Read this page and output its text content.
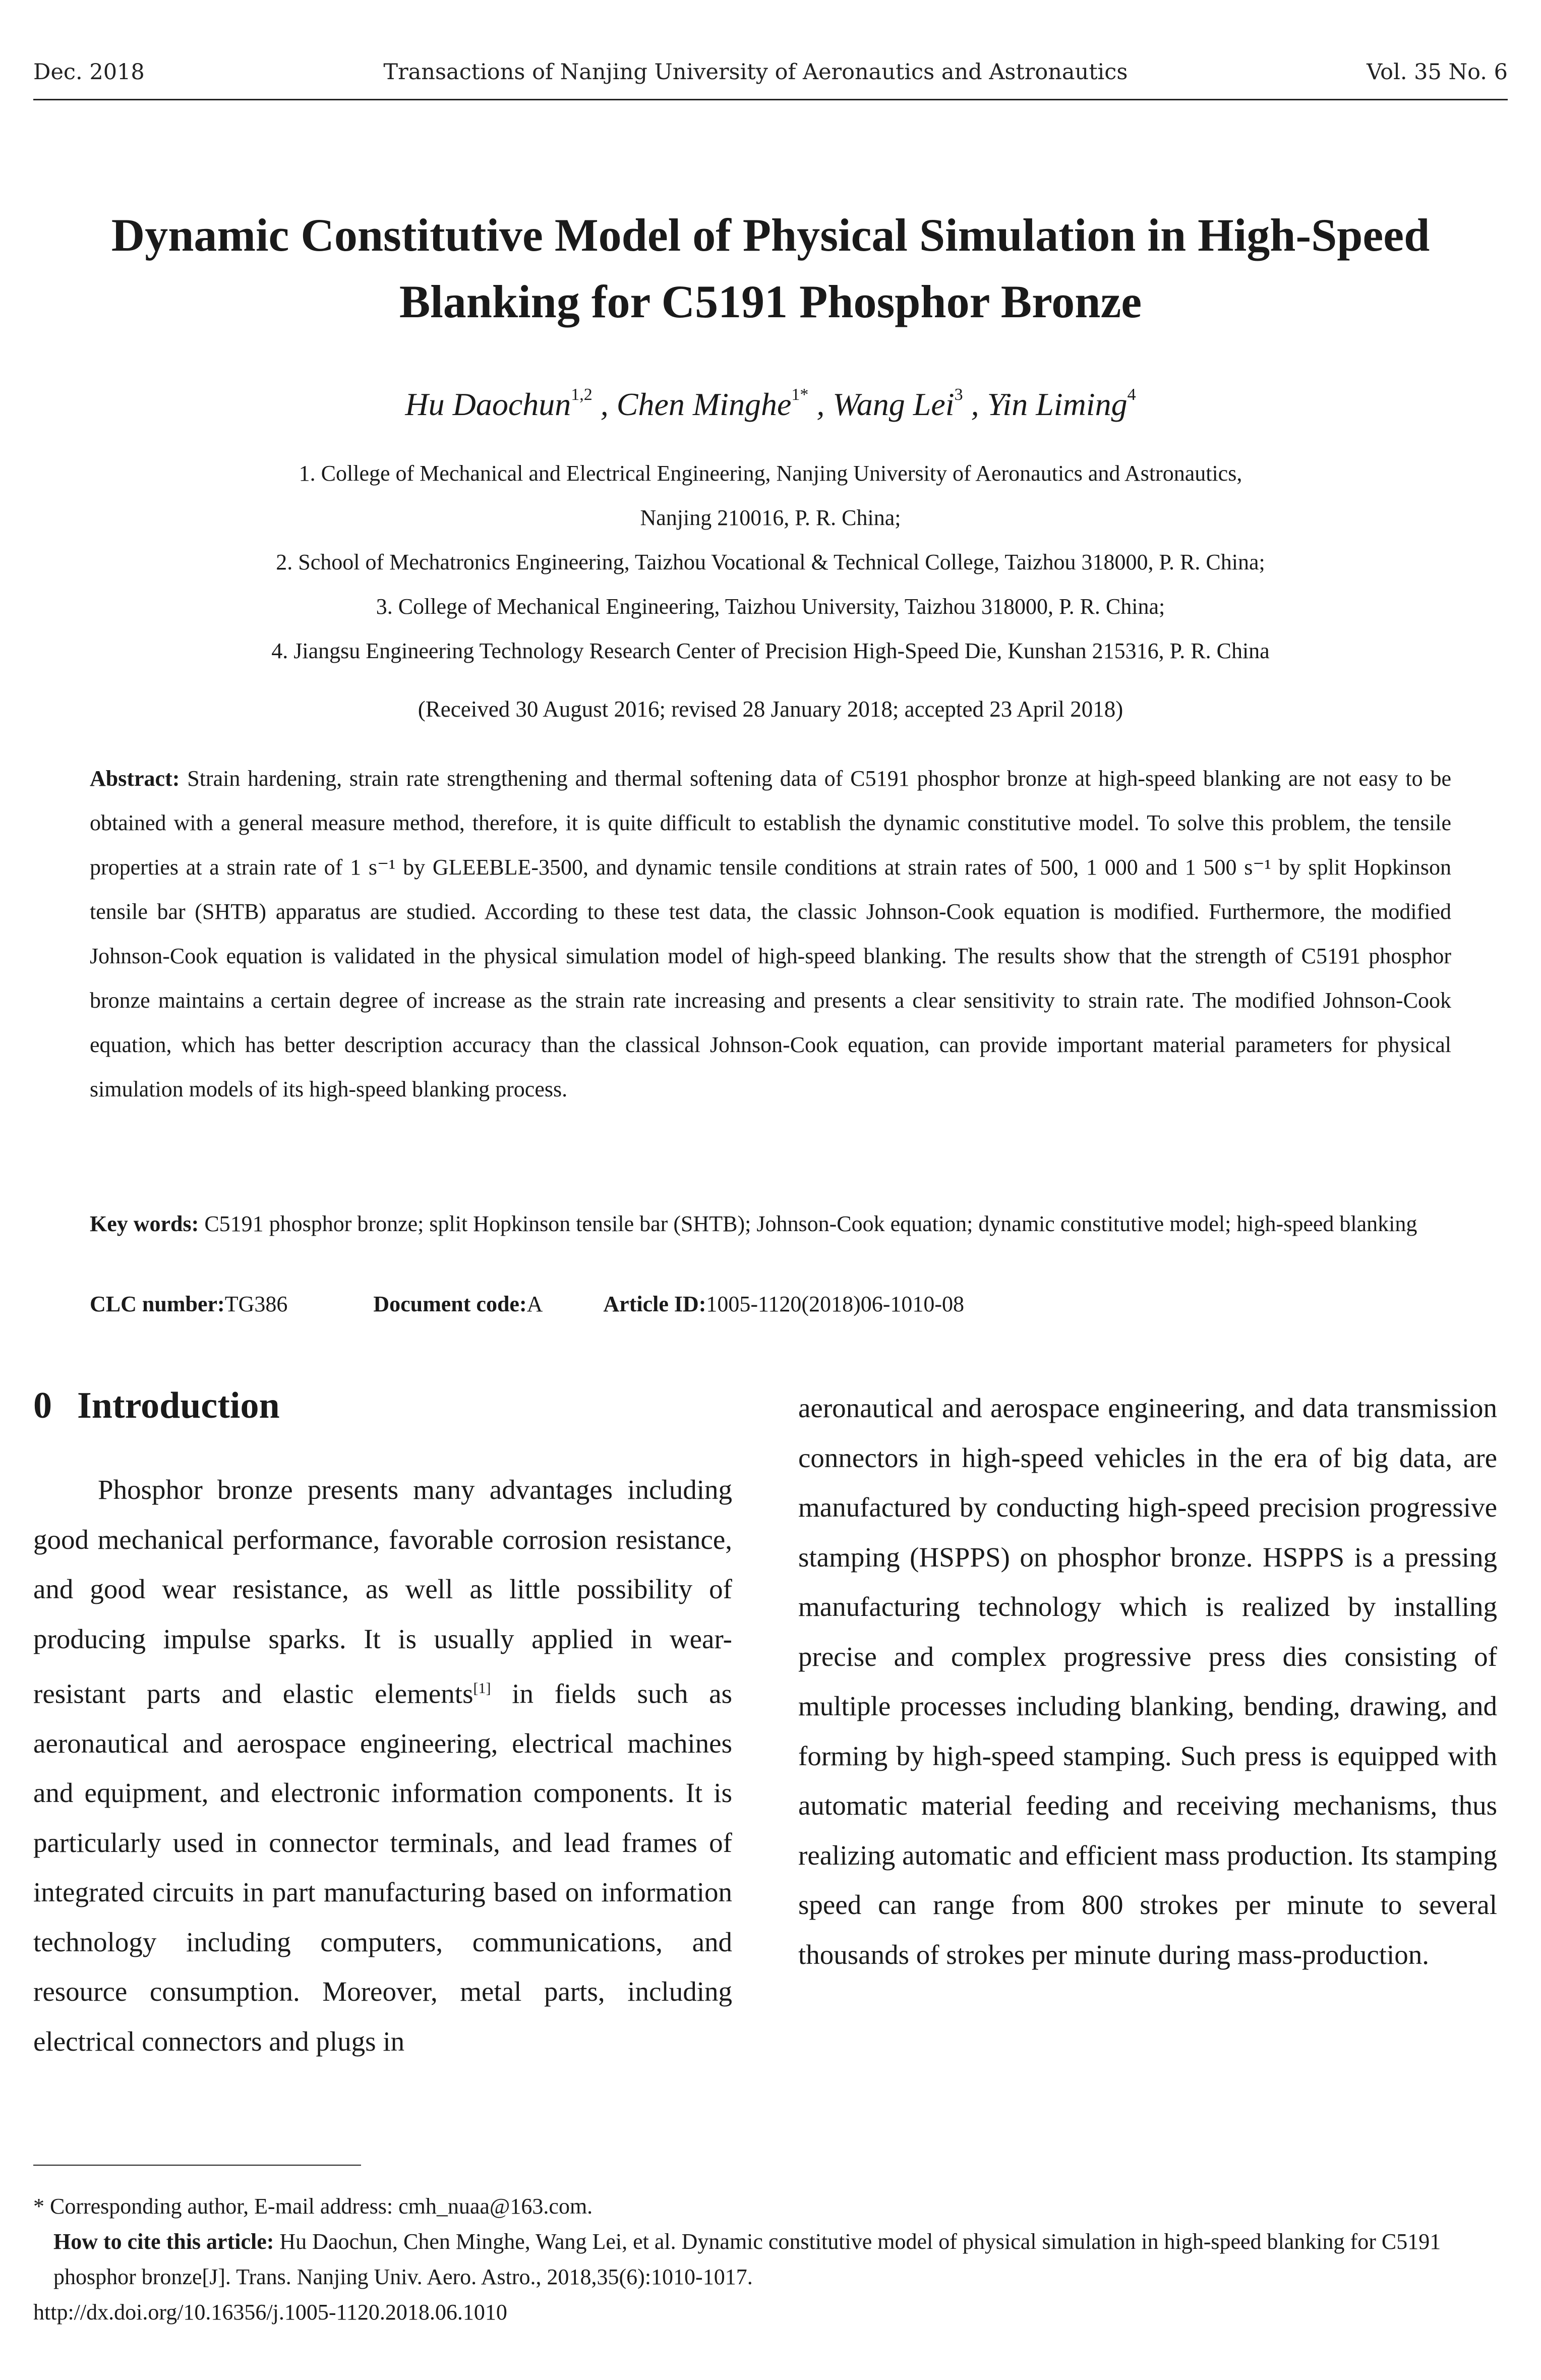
Dec. 2018	Transactions of Nanjing University of Aeronautics and Astronautics	Vol. 35 No. 6
Dynamic Constitutive Model of Physical Simulation in High-Speed
Blanking for C5191 Phosphor Bronze
Hu Daochun$^{1,2}$ , Chen Minghe$^{1*}$ , Wang Lei$^3$ , Yin Liming$^4$
1. College of Mechanical and Electrical Engineering, Nanjing University of Aeronautics and Astronautics,
Nanjing 210016, P. R. China;
2. School of Mechatronics Engineering, Taizhou Vocational & Technical College, Taizhou 318000, P. R. China;
3. College of Mechanical Engineering, Taizhou University, Taizhou 318000, P. R. China;
4. Jiangsu Engineering Technology Research Center of Precision High-Speed Die, Kunshan 215316, P. R. China
(Received 30 August 2016; revised 28 January 2018; accepted 23 April 2018)
Abstract: Strain hardening, strain rate strengthening and thermal softening data of C5191 phosphor bronze at high-speed blanking are not easy to be obtained with a general measure method, therefore, it is quite difficult to establish the dynamic constitutive model. To solve this problem, the tensile properties at a strain rate of 1 s⁻¹ by GLEEBLE-3500, and dynamic tensile conditions at strain rates of 500, 1 000 and 1 500 s⁻¹ by split Hopkinson tensile bar (SHTB) apparatus are studied. According to these test data, the classic Johnson-Cook equation is modified. Furthermore, the modified Johnson-Cook equation is validated in the physical simulation model of high-speed blanking. The results show that the strength of C5191 phosphor bronze maintains a certain degree of increase as the strain rate increasing and presents a clear sensitivity to strain rate. The modified Johnson-Cook equation, which has better description accuracy than the classical Johnson-Cook equation, can provide important material parameters for physical simulation models of its high-speed blanking process.
Key words: C5191 phosphor bronze; split Hopkinson tensile bar (SHTB); Johnson-Cook equation; dynamic constitutive model; high-speed blanking
CLC number: TG386	Document code: A	Article ID: 1005-1120(2018)06-1010-08
0 Introduction
Phosphor bronze presents many advantages including good mechanical performance, favorable corrosion resistance, and good wear resistance, as well as little possibility of producing impulse sparks. It is usually applied in wear-resistant parts and elastic elements[1] in fields such as aeronautical and aerospace engineering, electrical machines and equipment, and electronic information components. It is particularly used in connector terminals, and lead frames of integrated circuits in part manufacturing based on information technology including computers, communications, and resource consumption. Moreover, metal parts, including electrical connectors and plugs in
aeronautical and aerospace engineering, and data transmission connectors in high-speed vehicles in the era of big data, are manufactured by conducting high-speed precision progressive stamping (HSPPS) on phosphor bronze. HSPPS is a pressing manufacturing technology which is realized by installing precise and complex progressive press dies consisting of multiple processes including blanking, bending, drawing, and forming by high-speed stamping. Such press is equipped with automatic material feeding and receiving mechanisms, thus realizing automatic and efficient mass production. Its stamping speed can range from 800 strokes per minute to several thousands of strokes per minute during mass-production.
* Corresponding author, E-mail address: cmh_nuaa@163.com.
How to cite this article: Hu Daochun, Chen Minghe, Wang Lei, et al. Dynamic constitutive model of physical simulation in high-speed blanking for C5191 phosphor bronze[J]. Trans. Nanjing Univ. Aero. Astro., 2018,35(6):1010-1017.
http://dx.doi.org/10.16356/j.1005-1120.2018.06.1010
